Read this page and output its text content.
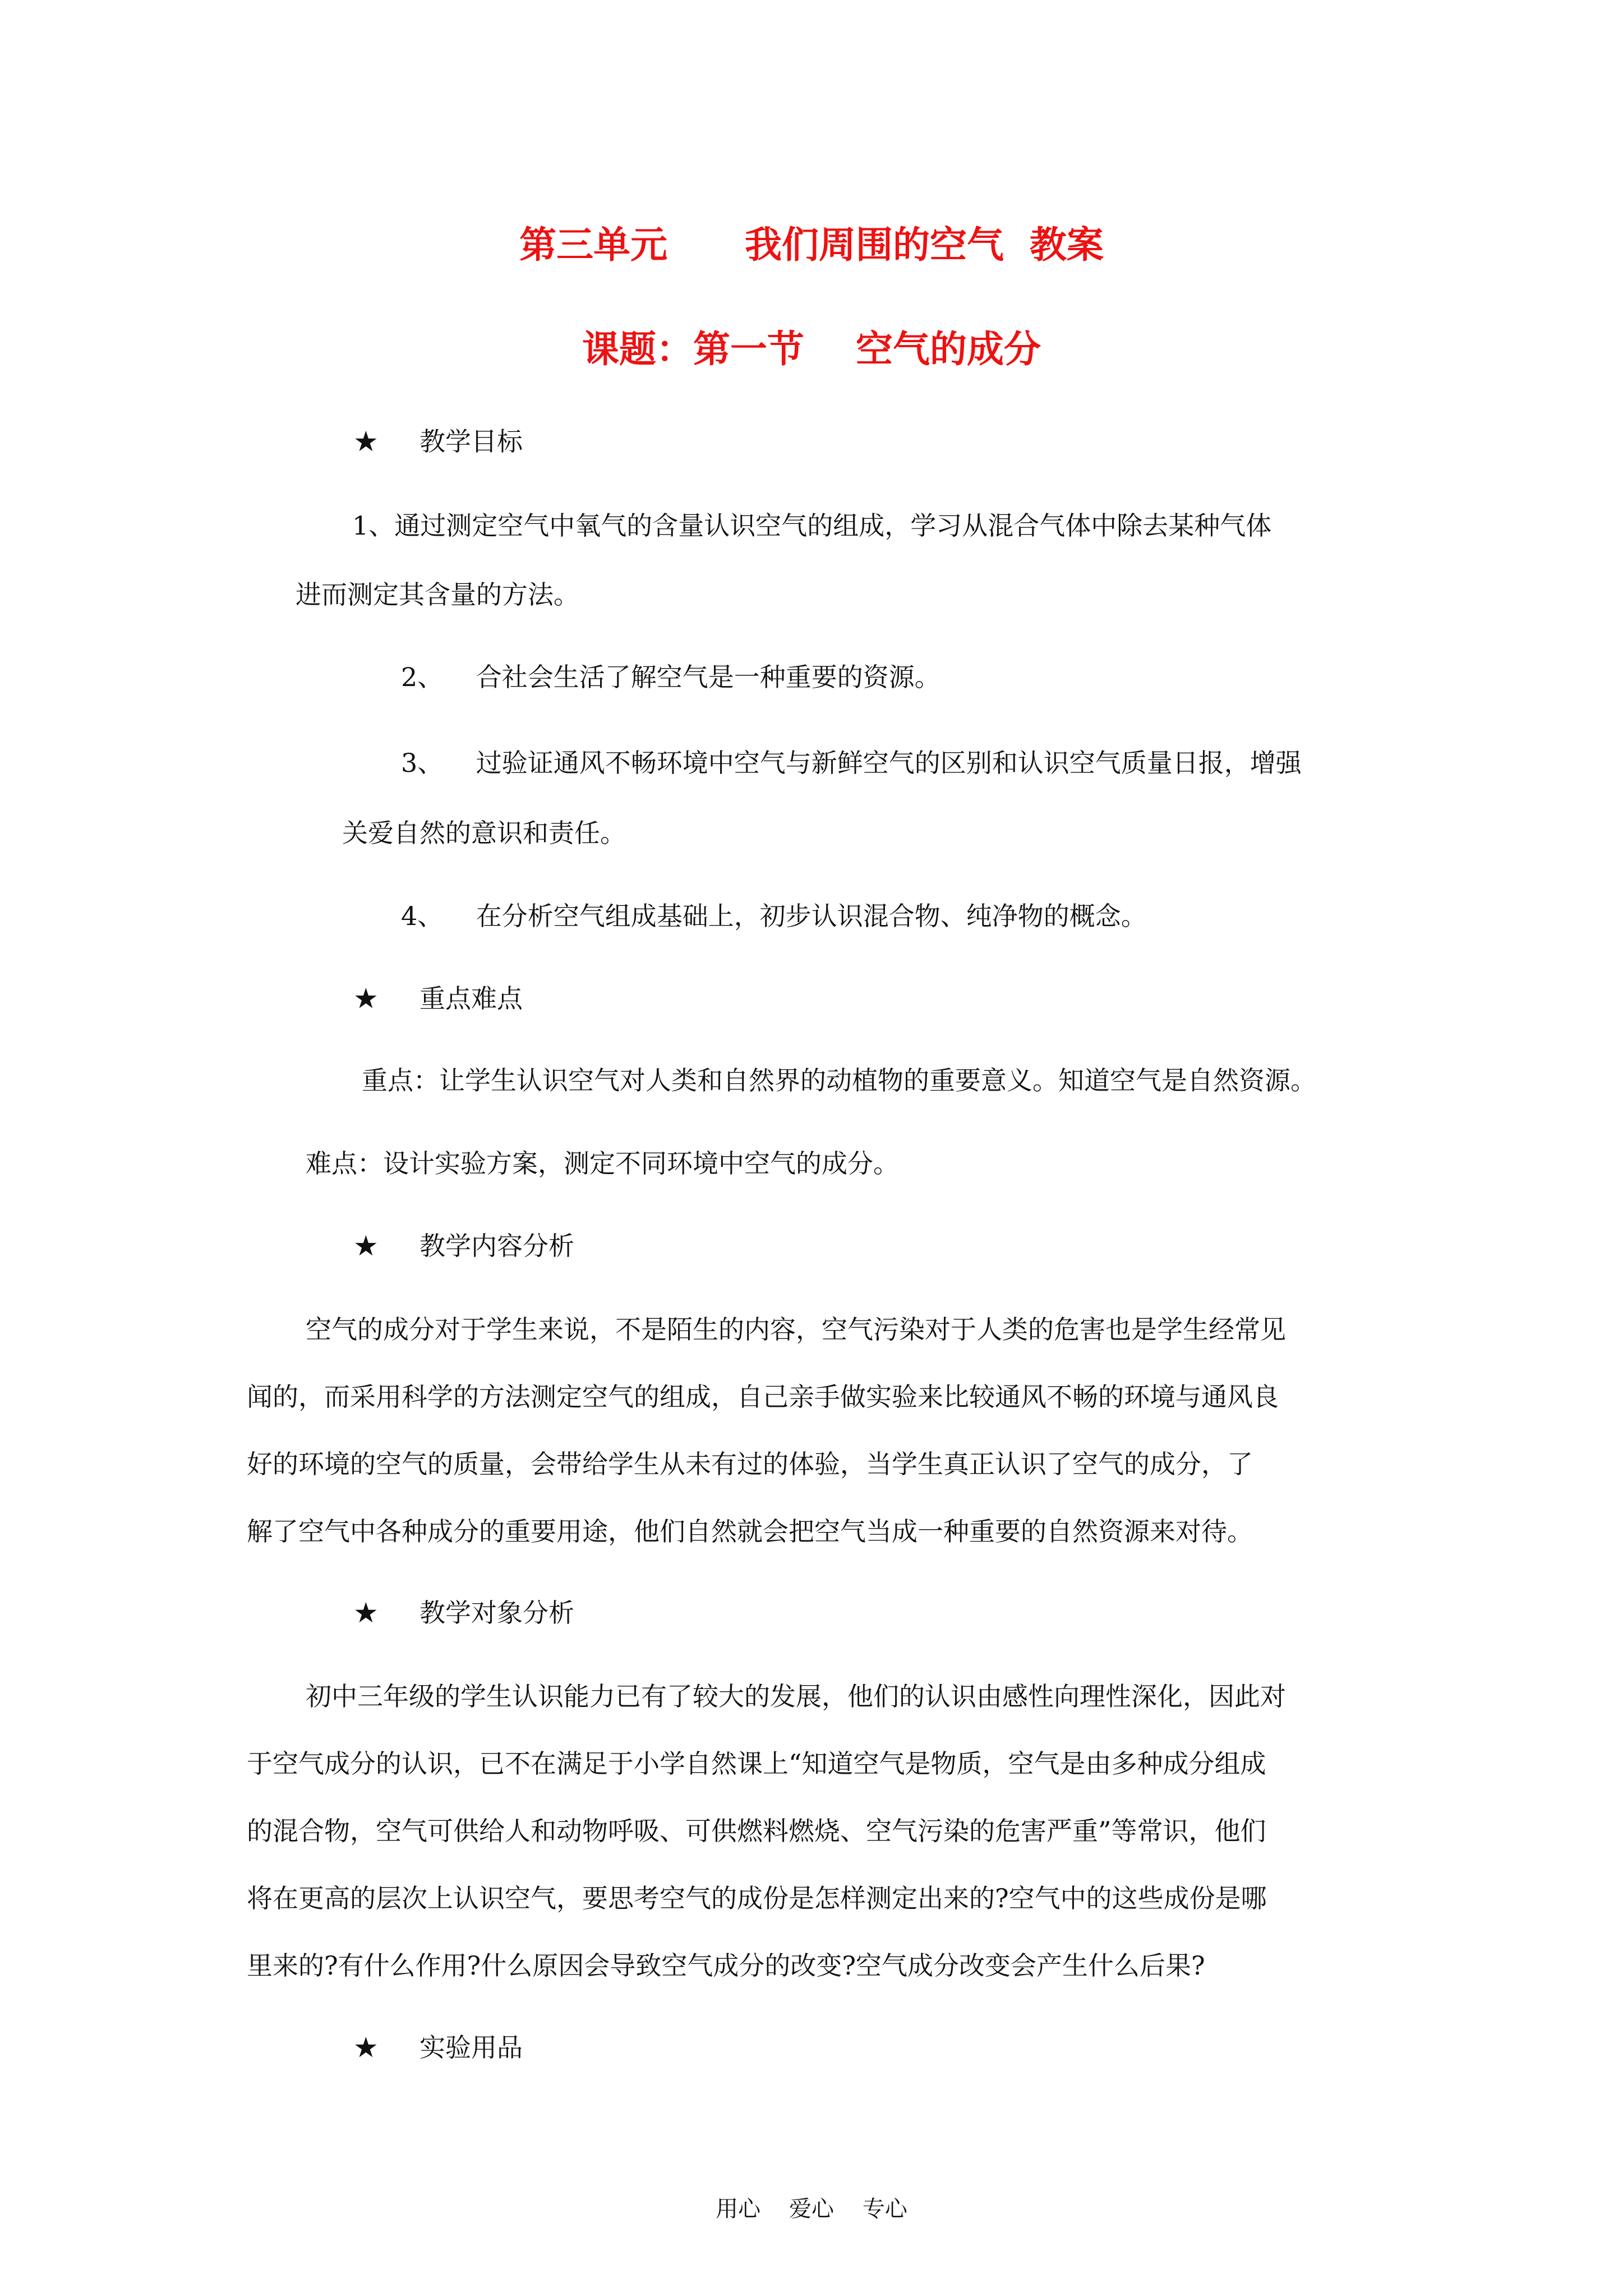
第三单元      我们周围的空气  教案
课题：第一节    空气的成分
★ 教学目标

1、通过测定空气中氧气的含量认识空气的组成，学习从混合气体中除去某种气体

进而测定其含量的方法。

2、    合社会生活了解空气是一种重要的资源。

3、    过验证通风不畅环境中空气与新鲜空气的区别和认识空气质量日报，增强

关爱自然的意识和责任。

4、    在分析空气组成基础上，初步认识混合物、纯净物的概念。

★ 重点难点

重点：让学生认识空气对人类和自然界的动植物的重要意义。知道空气是自然资源。

难点：设计实验方案，测定不同环境中空气的成分。

★ 教学内容分析

空气的成分对于学生来说，不是陌生的内容，空气污染对于人类的危害也是学生经常见

闻的，而采用科学的方法测定空气的组成，自己亲手做实验来比较通风不畅的环境与通风良

好的环境的空气的质量，会带给学生从未有过的体验，当学生真正认识了空气的成分，了

解了空气中各种成分的重要用途，他们自然就会把空气当成一种重要的自然资源来对待。

★ 教学对象分析

初中三年级的学生认识能力已有了较大的发展，他们的认识由感性向理性深化，因此对

于空气成分的认识，已不在满足于小学自然课上“知道空气是物质，空气是由多种成分组成

的混合物，空气可供给人和动物呼吸、可供燃料燃烧、空气污染的危害严重”等常识，他们

将在更高的层次上认识空气，要思考空气的成份是怎样测定出来的?空气中的这些成份是哪

里来的?有什么作用?什么原因会导致空气成分的改变?空气成分改变会产生什么后果?

★ 实验用品
用心    爱心    专心
